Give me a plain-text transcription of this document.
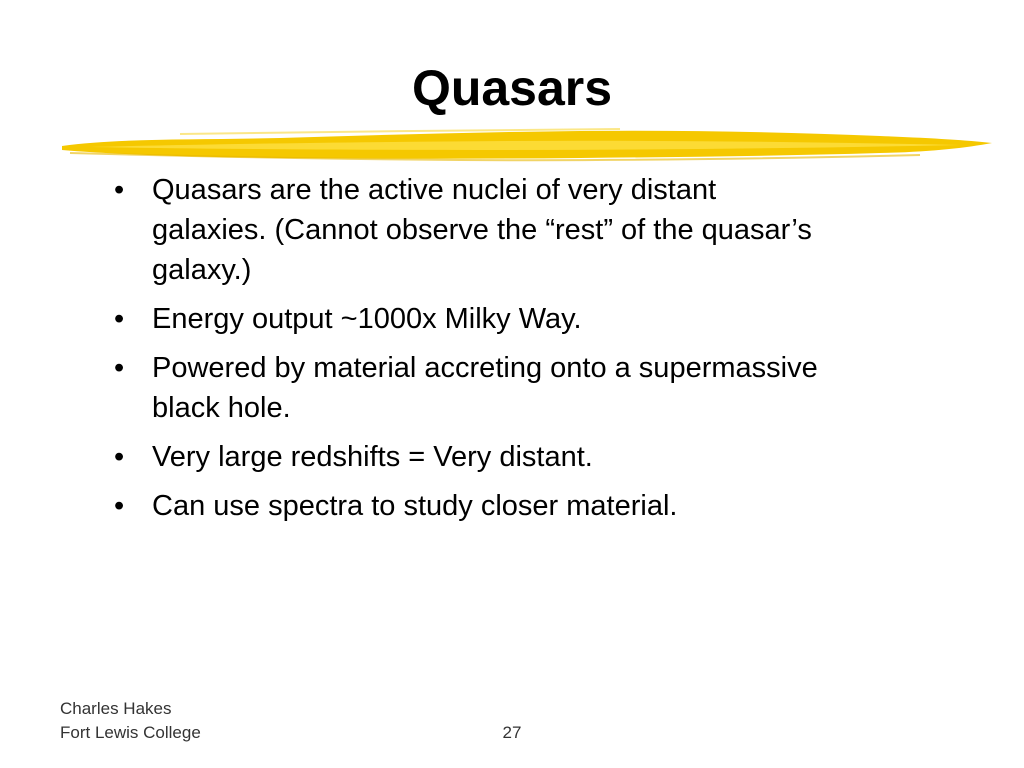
Quasars
• Quasars are the active nuclei of very distant galaxies. (Cannot observe the “rest” of the quasar’s galaxy.)
• Energy output ~1000x Milky Way.
• Powered by material accreting onto a supermassive black hole.
• Very large redshifts = Very distant.
• Can use spectra to study closer material.
Charles Hakes
Fort Lewis College	27
